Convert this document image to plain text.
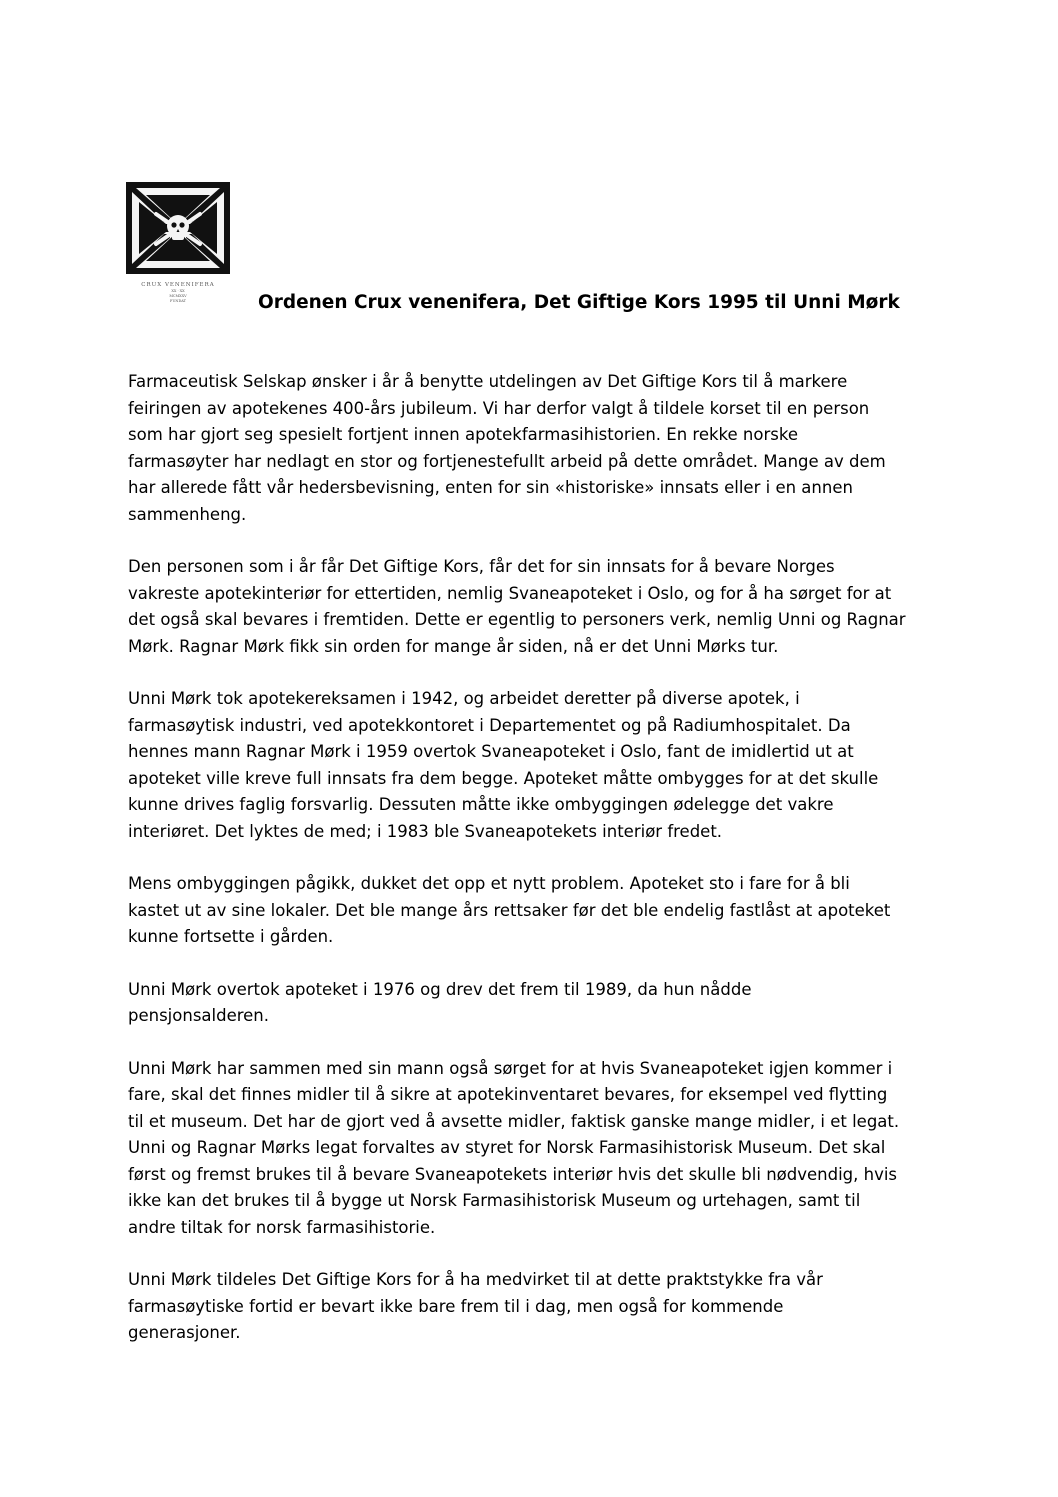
CRUX VENENIFERA
XX · XX
MCMXXV
FUNDAT	Ordenen Crux venenifera, Det Giftige Kors 1995 til Unni Mørk

Farmaceutisk Selskap ønsker i år å benytte utdelingen av Det Giftige Kors til å markere
feiringen av apotekenes 400-års jubileum. Vi har derfor valgt å tildele korset til en person
som har gjort seg spesielt fortjent innen apotekfarmasihistorien. En rekke norske
farmasøyter har nedlagt en stor og fortjenestefullt arbeid på dette området. Mange av dem
har allerede fått vår hedersbevisning, enten for sin «historiske» innsats eller i en annen
sammenheng.

Den personen som i år får Det Giftige Kors, får det for sin innsats for å bevare Norges
vakreste apotekinteriør for ettertiden, nemlig Svaneapoteket i Oslo, og for å ha sørget for at
det også skal bevares i fremtiden. Dette er egentlig to personers verk, nemlig Unni og Ragnar
Mørk. Ragnar Mørk fikk sin orden for mange år siden, nå er det Unni Mørks tur.

Unni Mørk tok apotekereksamen i 1942, og arbeidet deretter på diverse apotek, i
farmasøytisk industri, ved apotekkontoret i Departementet og på Radiumhospitalet. Da
hennes mann Ragnar Mørk i 1959 overtok Svaneapoteket i Oslo, fant de imidlertid ut at
apoteket ville kreve full innsats fra dem begge. Apoteket måtte ombygges for at det skulle
kunne drives faglig forsvarlig. Dessuten måtte ikke ombyggingen ødelegge det vakre
interiøret. Det lyktes de med; i 1983 ble Svaneapotekets interiør fredet.

Mens ombyggingen pågikk, dukket det opp et nytt problem. Apoteket sto i fare for å bli
kastet ut av sine lokaler. Det ble mange års rettsaker før det ble endelig fastlåst at apoteket
kunne fortsette i gården.

Unni Mørk overtok apoteket i 1976 og drev det frem til 1989, da hun nådde
pensjonsalderen.

Unni Mørk har sammen med sin mann også sørget for at hvis Svaneapoteket igjen kommer i
fare, skal det finnes midler til å sikre at apotekinventaret bevares, for eksempel ved flytting
til et museum. Det har de gjort ved å avsette midler, faktisk ganske mange midler, i et legat.
Unni og Ragnar Mørks legat forvaltes av styret for Norsk Farmasihistorisk Museum. Det skal
først og fremst brukes til å bevare Svaneapotekets interiør hvis det skulle bli nødvendig, hvis
ikke kan det brukes til å bygge ut Norsk Farmasihistorisk Museum og urtehagen, samt til
andre tiltak for norsk farmasihistorie.

Unni Mørk tildeles Det Giftige Kors for å ha medvirket til at dette praktstykke fra vår
farmasøytiske fortid er bevart ikke bare frem til i dag, men også for kommende
generasjoner.
